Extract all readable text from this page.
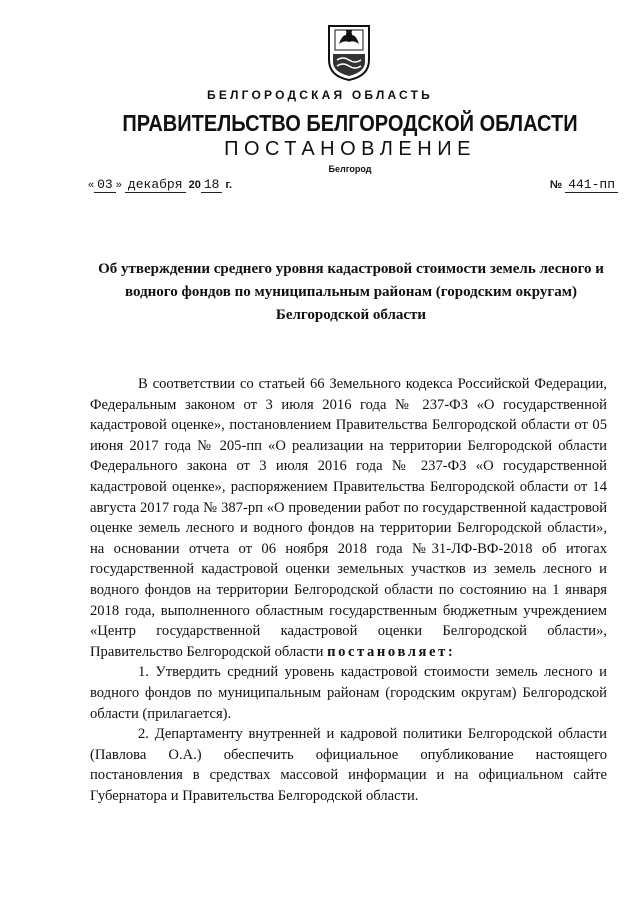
БЕЛГОРОДСКАЯ ОБЛАСТЬ
ПРАВИТЕЛЬСТВО БЕЛГОРОДСКОЙ ОБЛАСТИ
ПОСТАНОВЛЕНИЕ
Белгород
« 03 » декабря 20 18 г.	№ 441-пп
Об утверждении среднего уровня кадастровой стоимости земель лесного и водного фондов по муниципальным районам (городским округам) Белгородской области

В соответствии со статьей 66 Земельного кодекса Российской Федерации, Федеральным законом от 3 июля 2016 года № 237-ФЗ «О государственной кадастровой оценке», постановлением Правительства Белгородской области от 05 июня 2017 года № 205-пп «О реализации на территории Белгородской области Федерального закона от 3 июля 2016 года № 237-ФЗ «О государственной кадастровой оценке», распоряжением Правительства Белгородской области от 14 августа 2017 года № 387-рп «О проведении работ по государственной кадастровой оценке земель лесного и водного фондов на территории Белгородской области», на основании отчета от 06 ноября 2018 года №31-ЛФ-ВФ-2018 об итогах государственной кадастровой оценки земельных участков из земель лесного и водного фондов на территории Белгородской области по состоянию на 1 января 2018 года, выполненного областным государственным бюджетным учреждением «Центр государственной кадастровой оценки Белгородской области», Правительство Белгородской области постановляет:

1. Утвердить средний уровень кадастровой стоимости земель лесного и водного фондов по муниципальным районам (городским округам) Белгородской области (прилагается).

2. Департаменту внутренней и кадровой политики Белгородской области (Павлова О.А.) обеспечить официальное опубликование настоящего постановления в средствах массовой информации и на официальном сайте Губернатора и Правительства Белгородской области.
